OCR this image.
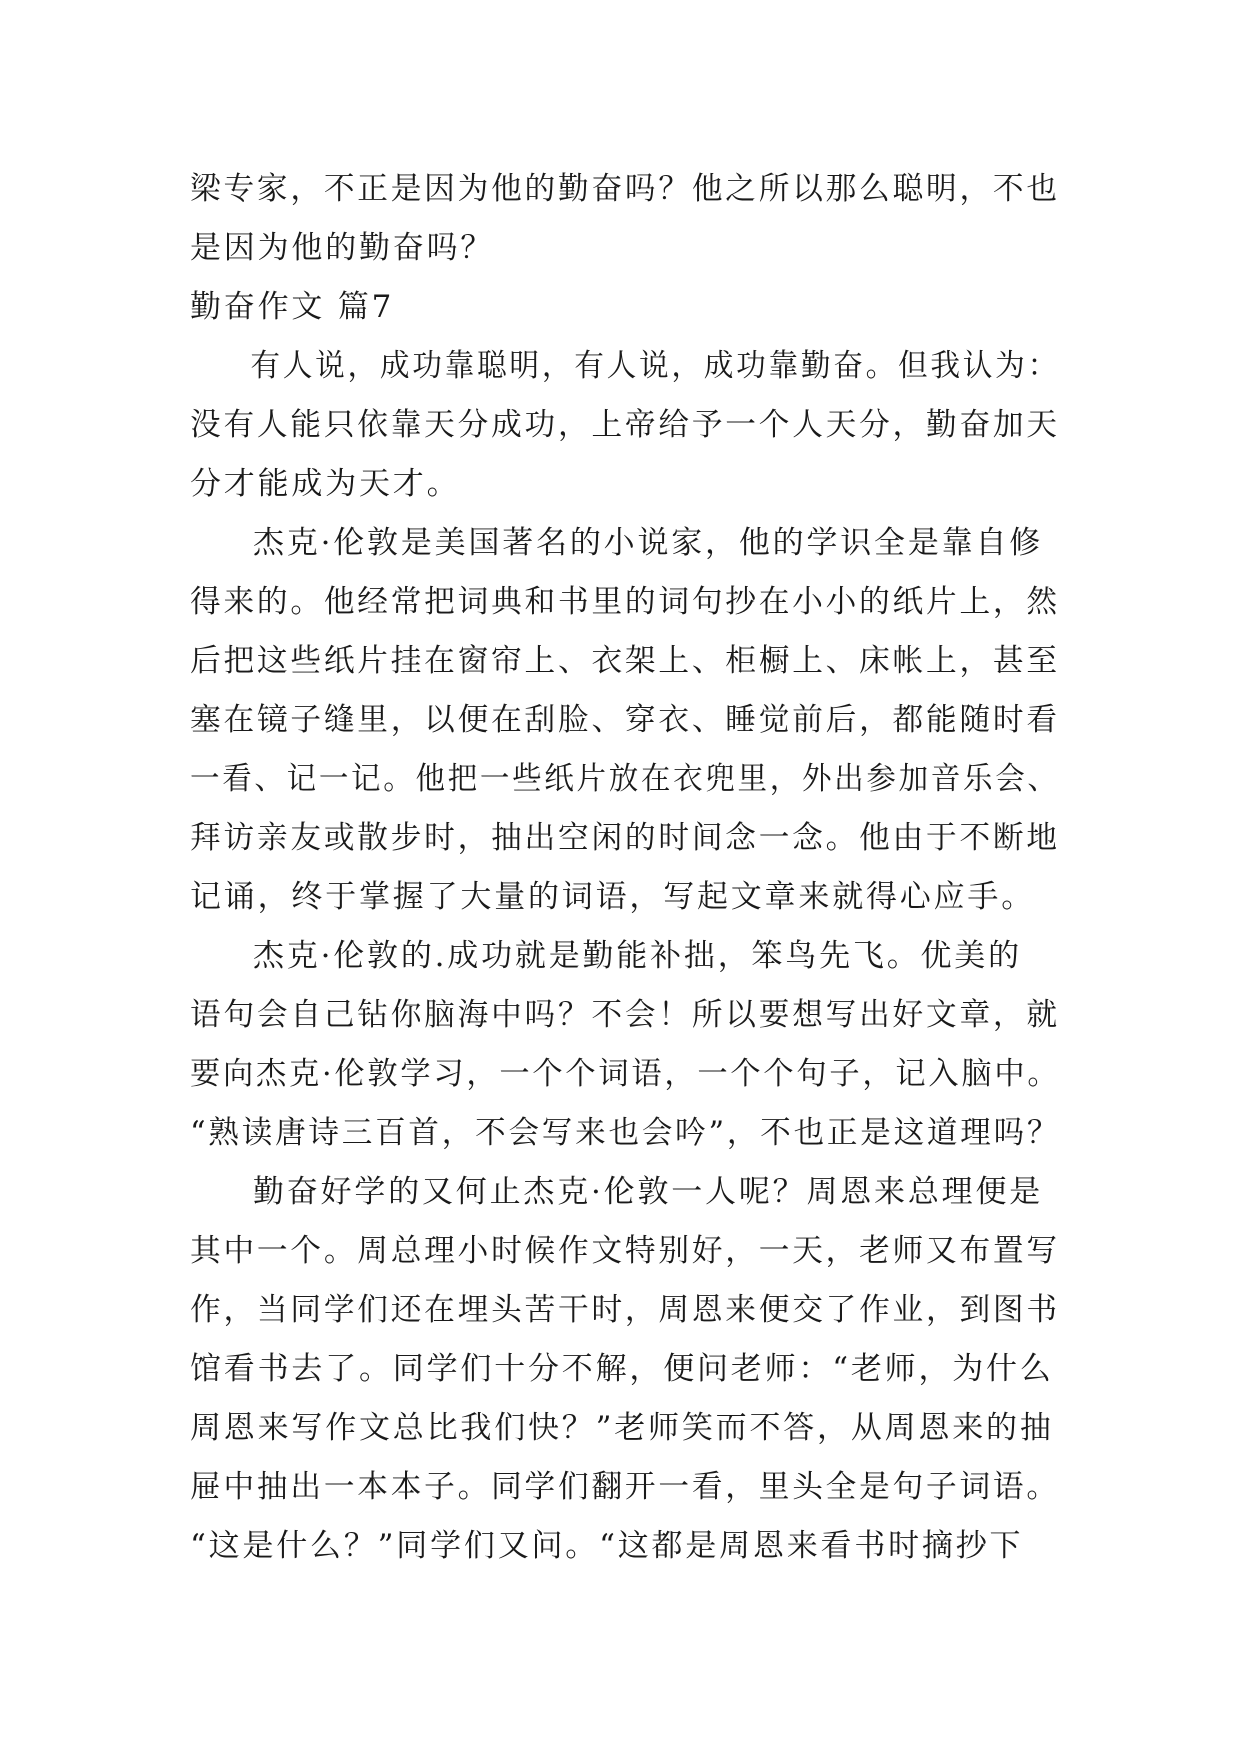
梁专家，不正是因为他的勤奋吗？他之所以那么聪明，不也
是因为他的勤奋吗？
勤奋作文 篇7
有人说，成功靠聪明，有人说，成功靠勤奋。但我认为：
没有人能只依靠天分成功，上帝给予一个人天分，勤奋加天
分才能成为天才。
杰克·伦敦是美国著名的小说家，他的学识全是靠自修
得来的。他经常把词典和书里的词句抄在小小的纸片上，然
后把这些纸片挂在窗帘上、衣架上、柜橱上、床帐上，甚至
塞在镜子缝里，以便在刮脸、穿衣、睡觉前后，都能随时看
一看、记一记。他把一些纸片放在衣兜里，外出参加音乐会、
拜访亲友或散步时，抽出空闲的时间念一念。他由于不断地
记诵，终于掌握了大量的词语，写起文章来就得心应手。
杰克·伦敦的.成功就是勤能补拙，笨鸟先飞。优美的
语句会自己钻你脑海中吗？不会！所以要想写出好文章，就
要向杰克·伦敦学习，一个个词语，一个个句子，记入脑中。
“熟读唐诗三百首，不会写来也会吟”，不也正是这道理吗？
勤奋好学的又何止杰克·伦敦一人呢？周恩来总理便是
其中一个。周总理小时候作文特别好，一天，老师又布置写
作，当同学们还在埋头苦干时，周恩来便交了作业，到图书
馆看书去了。同学们十分不解，便问老师：“老师，为什么
周恩来写作文总比我们快？”老师笑而不答，从周恩来的抽
屉中抽出一本本子。同学们翻开一看，里头全是句子词语。
“这是什么？”同学们又问。“这都是周恩来看书时摘抄下
